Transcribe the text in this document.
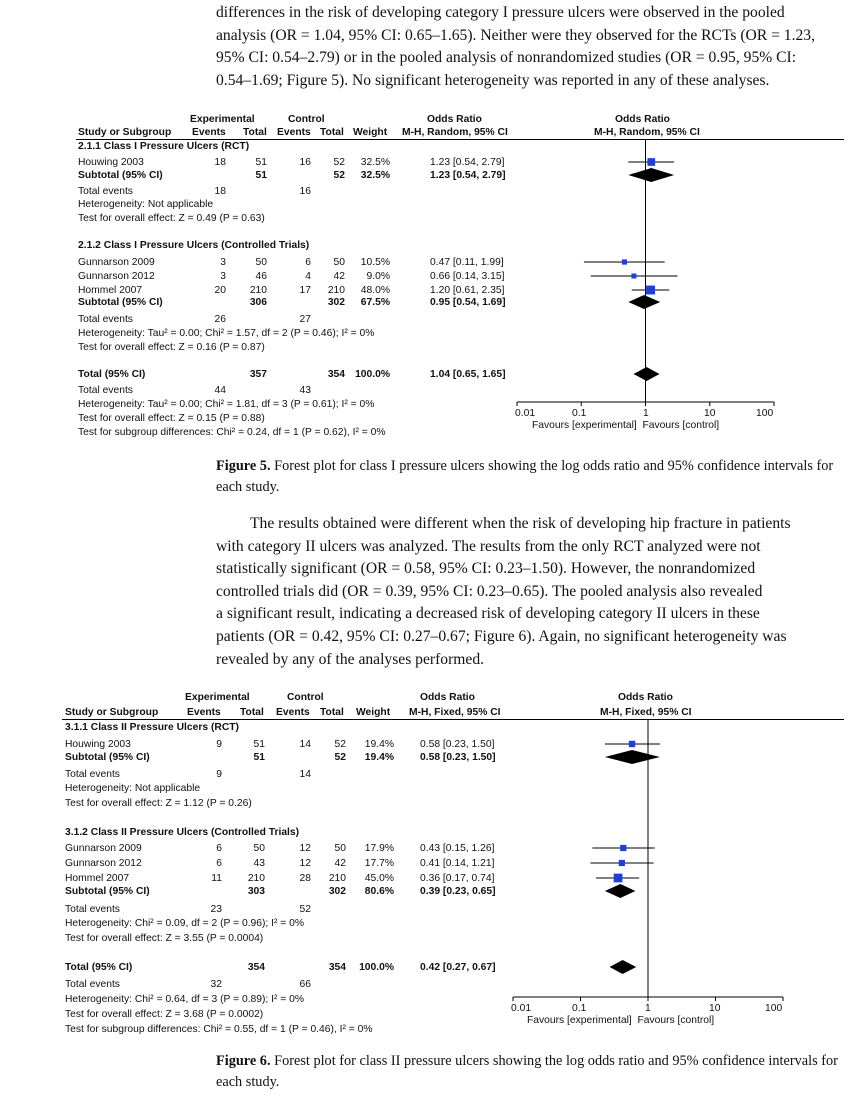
differences in the risk of developing category I pressure ulcers were observed in the pooled
analysis (OR = 1.04, 95% CI: 0.65–1.65). Neither were they observed for the RCTs (OR = 1.23,
95% CI: 0.54–2.79) or in the pooled analysis of nonrandomized studies (OR = 0.95, 95% CI:
0.54–1.69; Figure 5). No significant heterogeneity was reported in any of these analyses.
Experimental	Control	Odds Ratio	Odds Ratio
Study or Subgroup Events Total Events Total Weight M-H, Random, 95% CI	M-H, Random, 95% CI
2.1.1 Class I Pressure Ulcers (RCT)
Houwing 2003	18	51	16	52	32.5%	1.23 [0.54, 2.79]
Subtotal (95% CI)	51	52	32.5%	1.23 [0.54, 2.79]
Total events	18	16
Heterogeneity: Not applicable
Test for overall effect: Z = 0.49 (P = 0.63)
2.1.2 Class I Pressure Ulcers (Controlled Trials)
Gunnarson 2009	3	50	6	50	10.5%	0.47 [0.11, 1.99]
Gunnarson 2012	3	46	4	42	9.0%	0.66 [0.14, 3.15]
Hommel 2007	20	210	17	210	48.0%	1.20 [0.61, 2.35]
Subtotal (95% CI)	306	302	67.5%	0.95 [0.54, 1.69]
Total events	26	27
Heterogeneity: Tau² = 0.00; Chi² = 1.57, df = 2 (P = 0.46); I² = 0%
Test for overall effect: Z = 0.16 (P = 0.87)
Total (95% CI)	357	354 100.0%	1.04 [0.65, 1.65]
Total events	44	43
Heterogeneity: Tau² = 0.00; Chi² = 1.81, df = 3 (P = 0.61); I² = 0%
Test for overall effect: Z = 0.15 (P = 0.88)
Test for subgroup differences: Chi² = 0.24, df = 1 (P = 0.62), I² = 0%
0.01	0.1	1	10	100
Favours [experimental]  Favours [control]
Figure 5. Forest plot for class I pressure ulcers showing the log odds ratio and 95% confidence intervals for each study.
The results obtained were different when the risk of developing hip fracture in patients
with category II ulcers was analyzed. The results from the only RCT analyzed were not
statistically significant (OR = 0.58, 95% CI: 0.23–1.50). However, the nonrandomized
controlled trials did (OR = 0.39, 95% CI: 0.23–0.65). The pooled analysis also revealed
a significant result, indicating a decreased risk of developing category II ulcers in these
patients (OR = 0.42, 95% CI: 0.27–0.67; Figure 6). Again, no significant heterogeneity was
revealed by any of the analyses performed.
Experimental	Control	Odds Ratio	Odds Ratio
Study or Subgroup	Events Total Events Total Weight M-H, Fixed, 95% CI	M-H, Fixed, 95% CI
3.1.1 Class II Pressure Ulcers (RCT)
Houwing 2003	9	51	14	52	19.4%	0.58 [0.23, 1.50]
Subtotal (95% CI)	51	52	19.4%	0.58 [0.23, 1.50]
Total events	9	14
Heterogeneity: Not applicable
Test for overall effect: Z = 1.12 (P = 0.26)
3.1.2 Class II Pressure Ulcers (Controlled Trials)
Gunnarson 2009	6	50	12	50	17.9%	0.43 [0.15, 1.26]
Gunnarson 2012	6	43	12	42	17.7%	0.41 [0.14, 1.21]
Hommel 2007	11	210	28	210	45.0%	0.36 [0.17, 0.74]
Subtotal (95% CI)	303	302	80.6%	0.39 [0.23, 0.65]
Total events	23	52
Heterogeneity: Chi² = 0.09, df = 2 (P = 0.96); I² = 0%
Test for overall effect: Z = 3.55 (P = 0.0004)
Total (95% CI)	354	354	100.0%	0.42 [0.27, 0.67]
Total events	32	66
Heterogeneity: Chi² = 0.64, df = 3 (P = 0.89); I² = 0%
Test for overall effect: Z = 3.68 (P = 0.0002)
Test for subgroup differences: Chi² = 0.55, df = 1 (P = 0.46), I² = 0%
0.01	0.1	1	10	100
Favours [experimental]  Favours [control]
Figure 6. Forest plot for class II pressure ulcers showing the log odds ratio and 95% confidence intervals for each study.
